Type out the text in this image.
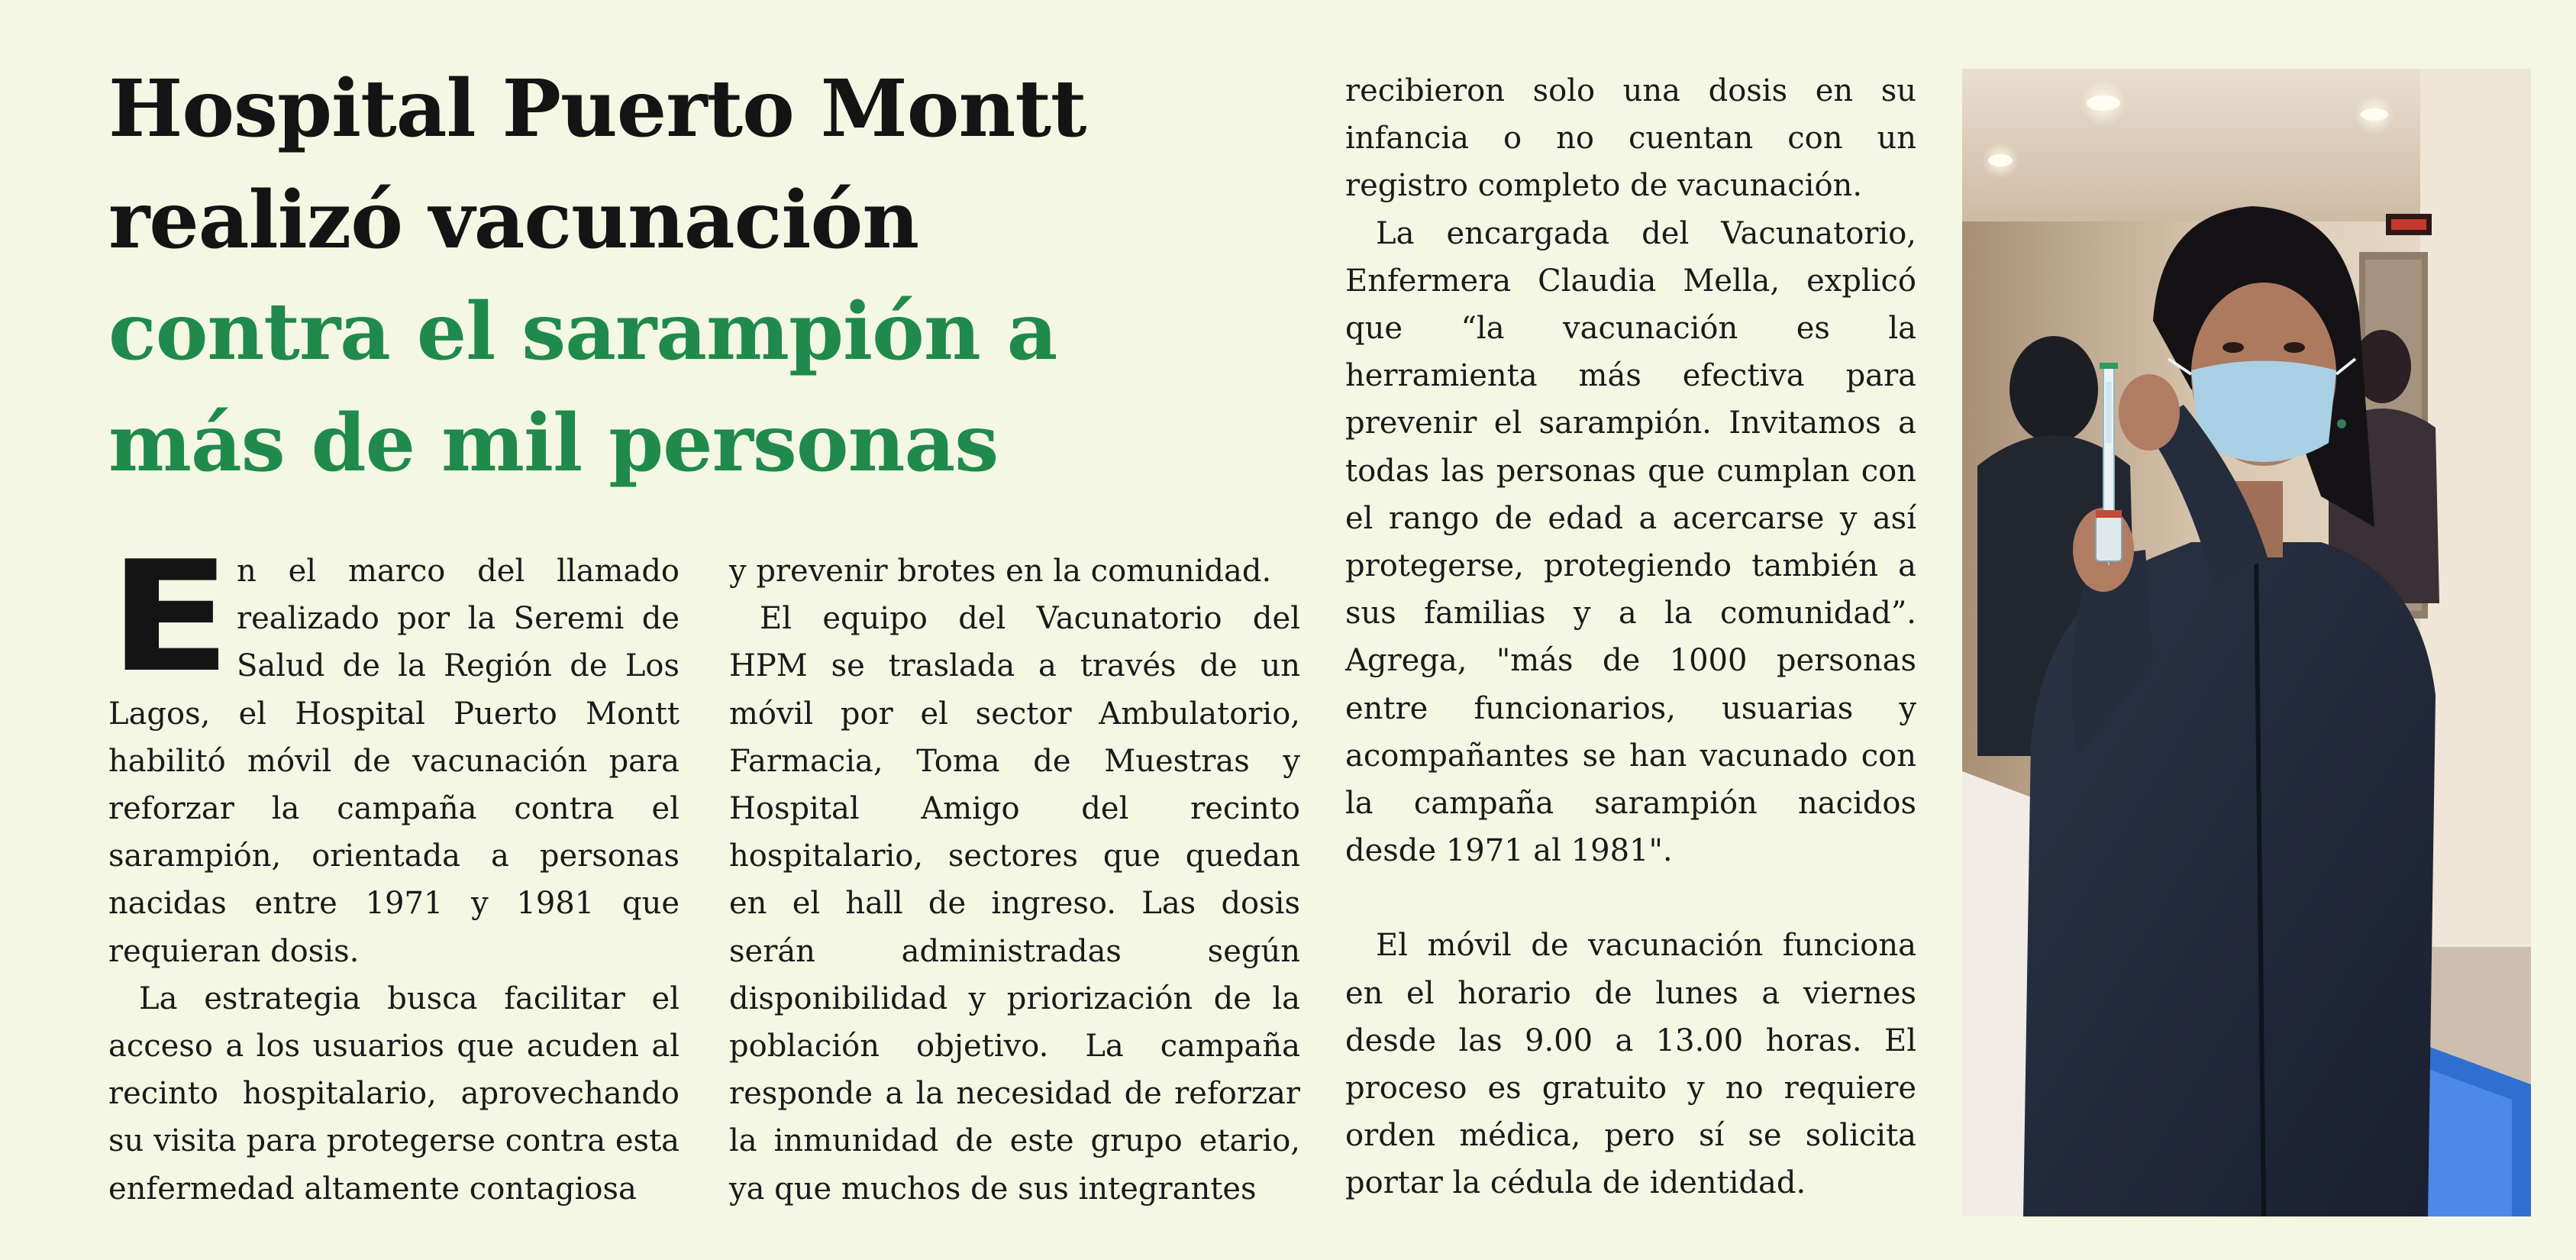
Hospital Puerto Montt
realizó vacunación
contra el sarampión a
más de mil personas

En el marco del llamado realizado por la Seremi de Salud de la Región de Los Lagos, el Hospital Puerto Montt habilitó móvil de vacunación para reforzar la campaña contra el sarampión, orientada a personas nacidas entre 1971 y 1981 que requieran dosis.

La estrategia busca facilitar el acceso a los usuarios que acuden al recinto hospitalario, aprovechando su visita para protegerse contra esta enfermedad altamente contagiosa

y prevenir brotes en la comunidad.

El equipo del Vacunatorio del HPM se traslada a través de un móvil por el sector Ambulatorio, Farmacia, Toma de Muestras y Hospital Amigo del recinto hospitalario, sectores que quedan en el hall de ingreso. Las dosis serán administradas según disponibilidad y priorización de la población objetivo. La campaña responde a la necesidad de reforzar la inmunidad de este grupo etario, ya que muchos de sus integrantes

recibieron solo una dosis en su infancia o no cuentan con un registro completo de vacunación.

La encargada del Vacunatorio, Enfermera Claudia Mella, explicó que “la vacunación es la herramienta más efectiva para prevenir el sarampión. Invitamos a todas las personas que cumplan con el rango de edad a acercarse y así protegerse, protegiendo también a sus familias y a la comunidad”. Agrega, "más de 1000 personas entre funcionarios, usuarias y acompañantes se han vacunado con la campaña sarampión nacidos desde 1971 al 1981".

El móvil de vacunación funciona en el horario de lunes a viernes desde las 9.00 a 13.00 horas. El proceso es gratuito y no requiere orden médica, pero sí se solicita portar la cédula de identidad.
